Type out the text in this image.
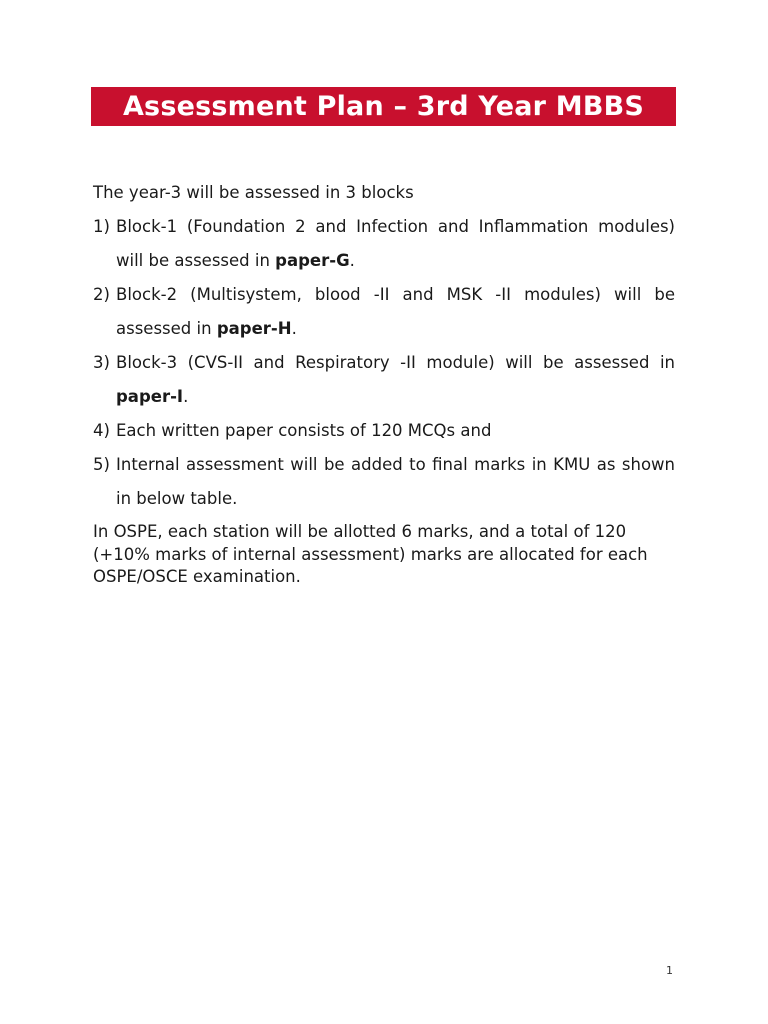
Assessment Plan – 3rd Year MBBS

The year-3 will be assessed in 3 blocks

1) Block-1 (Foundation 2 and Infection and Inflammation modules) will be assessed in paper-G.
2) Block-2 (Multisystem, blood -II and MSK -II modules) will be assessed in paper-H.
3) Block-3 (CVS-II and Respiratory -II module) will be assessed in paper-I.
4) Each written paper consists of 120 MCQs and
5) Internal assessment will be added to final marks in KMU as shown in below table.

In OSPE, each station will be allotted 6 marks, and a total of 120 (+10% marks of internal assessment) marks are allocated for each OSPE/OSCE examination.

1
